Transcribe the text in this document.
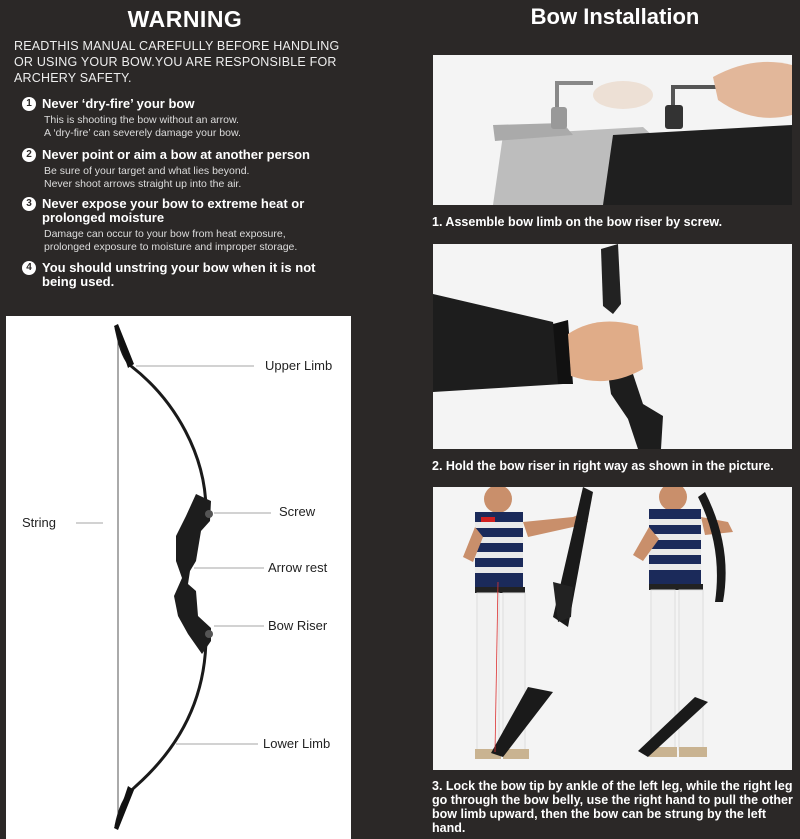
WARNING
READTHIS MANUAL CAREFULLY BEFORE HANDLING OR USING YOUR BOW.YOU ARE RESPONSIBLE FOR ARCHERY SAFETY.
1 Never ‘dry-fire’ your bow
This is shooting the bow without an arrow.
A ‘dry-fire’ can severely damage your bow.
2 Never point or aim a bow at another person
Be sure of your target and what lies beyond.
Never shoot arrows straight up into the air.
3 Never expose your bow to extreme heat or prolonged moisture
Damage can occur to your bow from heat exposure,
prolonged exposure to moisture and improper storage.
4 You should unstring your bow when it is not being used.
Upper Limb
String
Screw
Arrow rest
Bow Riser
Lower Limb
Bow Installation
1. Assemble bow limb on the bow riser by screw.
2. Hold the bow riser in right way as shown in the picture.
3. Lock the bow tip by ankle of the left leg, while the right leg go through the bow belly, use the right hand to pull the other bow limb upward, then the bow can be strung by the left hand.
